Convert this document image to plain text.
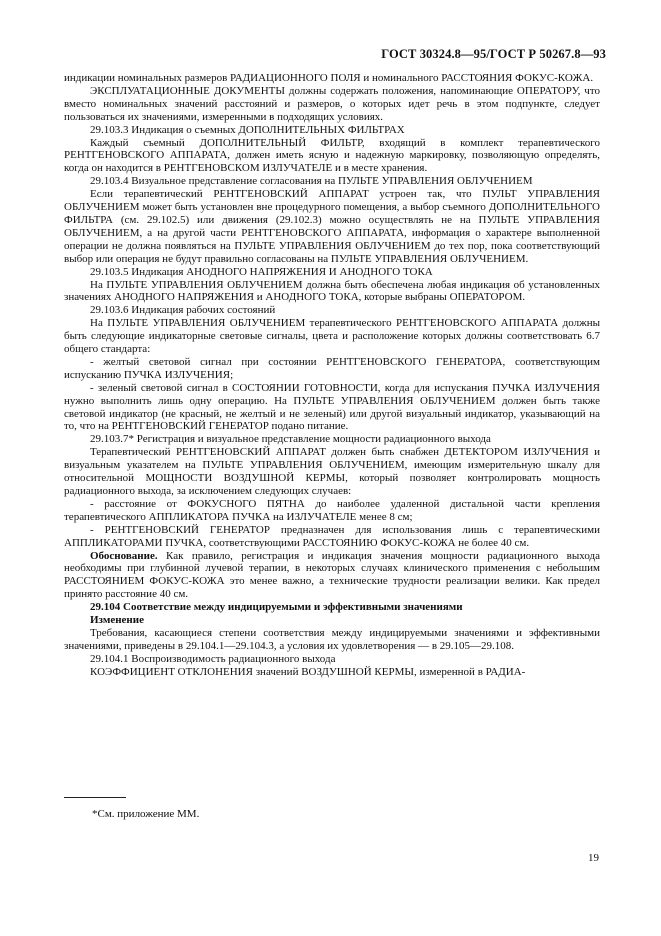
ГОСТ 30324.8—95/ГОСТ Р 50267.8—93

индикации номинальных размеров РАДИАЦИОННОГО ПОЛЯ и номинального РАССТОЯНИЯ ФОКУС-КОЖА.

ЭКСПЛУАТАЦИОННЫЕ ДОКУМЕНТЫ должны содержать положения, напоминающие ОПЕРАТОРУ, что вместо номинальных значений расстояний и размеров, о которых идет речь в этом подпункте, следует пользоваться их значениями, измеренными в подходящих условиях.

29.103.3 Индикация о съемных ДОПОЛНИТЕЛЬНЫХ ФИЛЬТРАХ

Каждый съемный ДОПОЛНИТЕЛЬНЫЙ ФИЛЬТР, входящий в комплект терапевтического РЕНТГЕНОВСКОГО АППАРАТА, должен иметь ясную и надежную маркировку, позволяющую определять, когда он находится в РЕНТГЕНОВСКОМ ИЗЛУЧАТЕЛЕ и в месте хранения.

29.103.4 Визуальное представление согласования на ПУЛЬТЕ УПРАВЛЕНИЯ ОБЛУЧЕНИЕМ

Если терапевтический РЕНТГЕНОВСКИЙ АППАРАТ устроен так, что ПУЛЬТ УПРАВЛЕНИЯ ОБЛУЧЕНИЕМ может быть установлен вне процедурного помещения, а выбор съемного ДОПОЛНИТЕЛЬНОГО ФИЛЬТРА (см. 29.102.5) или движения (29.102.3) можно осуществлять не на ПУЛЬТЕ УПРАВЛЕНИЯ ОБЛУЧЕНИЕМ, а на другой части РЕНТГЕНОВСКОГО АППАРАТА, информация о характере выполненной операции не должна появляться на ПУЛЬТЕ УПРАВЛЕНИЯ ОБЛУЧЕНИЕМ до тех пор, пока соответствующий выбор или операция не будут правильно согласованы на ПУЛЬТЕ УПРАВЛЕНИЯ ОБЛУЧЕНИЕМ.

29.103.5 Индикация АНОДНОГО НАПРЯЖЕНИЯ И АНОДНОГО ТОКА

На ПУЛЬТЕ УПРАВЛЕНИЯ ОБЛУЧЕНИЕМ должна быть обеспечена любая индикация об установленных значениях АНОДНОГО НАПРЯЖЕНИЯ и АНОДНОГО ТОКА, которые выбраны ОПЕРАТОРОМ.

29.103.6 Индикация рабочих состояний

На ПУЛЬТЕ УПРАВЛЕНИЯ ОБЛУЧЕНИЕМ терапевтического РЕНТГЕНОВСКОГО АППАРАТА должны быть следующие индикаторные световые сигналы, цвета и расположение которых должны соответствовать 6.7 общего стандарта:

- желтый световой сигнал при состоянии РЕНТГЕНОВСКОГО ГЕНЕРАТОРА, соответствующим испусканию ПУЧКА ИЗЛУЧЕНИЯ;

- зеленый световой сигнал в СОСТОЯНИИ ГОТОВНОСТИ, когда для испускания ПУЧКА ИЗЛУЧЕНИЯ нужно выполнить лишь одну операцию. На ПУЛЬТЕ УПРАВЛЕНИЯ ОБЛУЧЕНИЕМ должен быть также световой индикатор (не красный, не желтый и не зеленый) или другой визуальный индикатор, указывающий на то, что на РЕНТГЕНОВСКИЙ ГЕНЕРАТОР подано питание.

29.103.7* Регистрация и визуальное представление мощности радиационного выхода

Терапевтический РЕНТГЕНОВСКИЙ АППАРАТ должен быть снабжен ДЕТЕКТОРОМ ИЗЛУЧЕНИЯ и визуальным указателем на ПУЛЬТЕ УПРАВЛЕНИЯ ОБЛУЧЕНИЕМ, имеющим измерительную шкалу для относительной МОЩНОСТИ ВОЗДУШНОЙ КЕРМЫ, который позволяет контролировать мощность радиационного выхода, за исключением следующих случаев:

- расстояние от ФОКУСНОГО ПЯТНА до наиболее удаленной дистальной части крепления терапевтического АППЛИКАТОРА ПУЧКА на ИЗЛУЧАТЕЛЕ менее 8 см;

- РЕНТГЕНОВСКИЙ ГЕНЕРАТОР предназначен для использования лишь с терапевтическими АППЛИКАТОРАМИ ПУЧКА, соответствующими РАССТОЯНИЮ ФОКУС-КОЖА не более 40 см.

Обоснование. Как правило, регистрация и индикация значения мощности радиационного выхода необходимы при глубинной лучевой терапии, в некоторых случаях клинического применения с небольшим РАССТОЯНИЕМ ФОКУС-КОЖА это менее важно, а технические трудности реализации велики. Как предел принято расстояние 40 см.

29.104 Соответствие между индицируемыми и эффективными значениями

Изменение

Требования, касающиеся степени соответствия между индицируемыми значениями и эффективными значениями, приведены в 29.104.1—29.104.3, а условия их удовлетворения — в 29.105—29.108.

29.104.1 Воспроизводимость радиационного выхода

КОЭФФИЦИЕНТ ОТКЛОНЕНИЯ значений ВОЗДУШНОЙ КЕРМЫ, измеренной в РАДИА-

*См. приложение ММ.
19
